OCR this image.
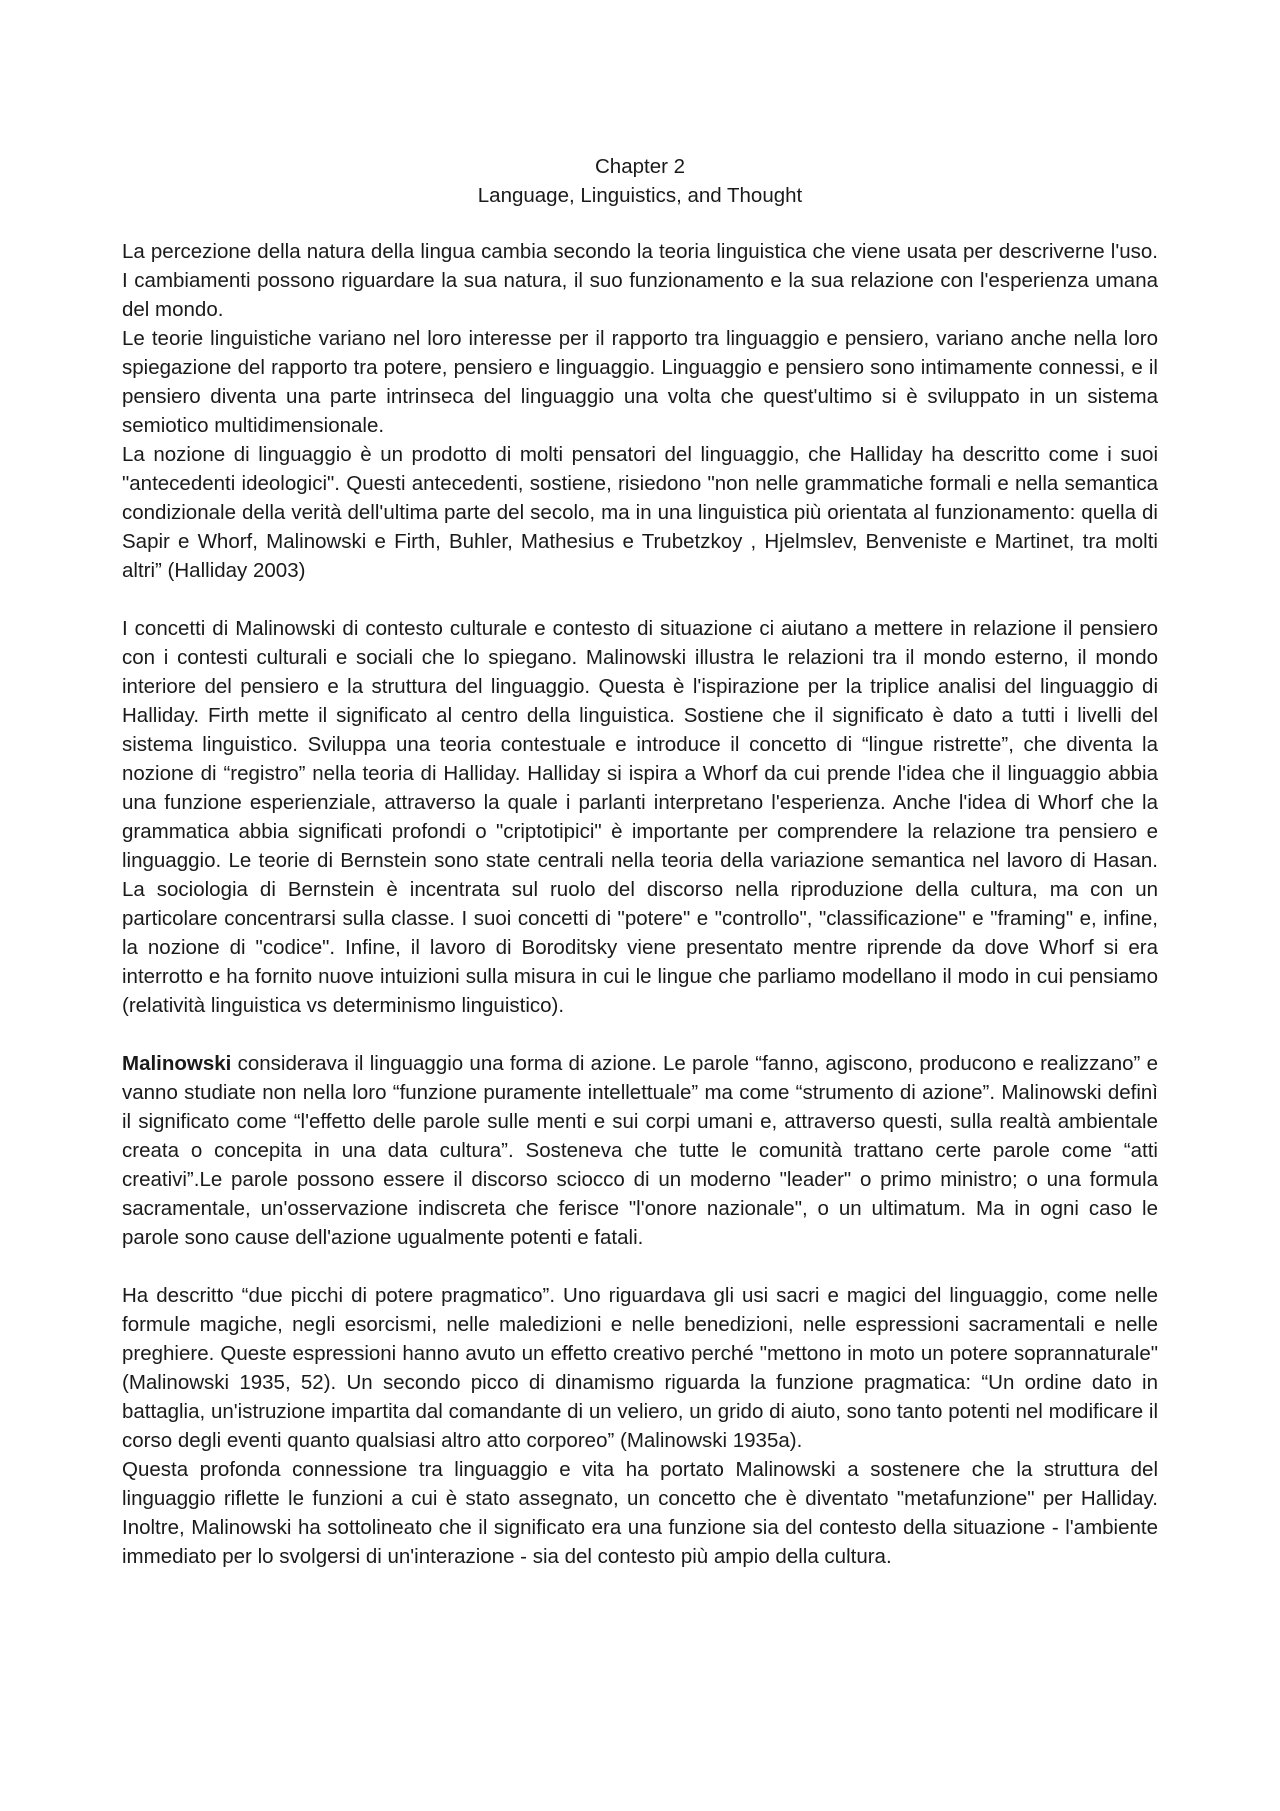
Chapter 2
Language, Linguistics, and Thought

La percezione della natura della lingua cambia secondo la teoria linguistica che viene usata per descriverne l'uso. I cambiamenti possono riguardare la sua natura, il suo funzionamento e la sua relazione con l'esperienza umana del mondo.

Le teorie linguistiche variano nel loro interesse per il rapporto tra linguaggio e pensiero, variano anche nella loro spiegazione del rapporto tra potere, pensiero e linguaggio. Linguaggio e pensiero sono intimamente connessi, e il pensiero diventa una parte intrinseca del linguaggio una volta che quest'ultimo si è sviluppato in un sistema semiotico multidimensionale.

La nozione di linguaggio è un prodotto di molti pensatori del linguaggio, che Halliday ha descritto come i suoi "antecedenti ideologici". Questi antecedenti, sostiene, risiedono "non nelle grammatiche formali e nella semantica condizionale della verità dell'ultima parte del secolo, ma in una linguistica più orientata al funzionamento: quella di Sapir e Whorf, Malinowski e Firth, Buhler, Mathesius e Trubetzkoy , Hjelmslev, Benveniste e Martinet, tra molti altri” (Halliday 2003)

I concetti di Malinowski di contesto culturale e contesto di situazione ci aiutano a mettere in relazione il pensiero con i contesti culturali e sociali che lo spiegano. Malinowski illustra le relazioni tra il mondo esterno, il mondo interiore del pensiero e la struttura del linguaggio. Questa è l'ispirazione per la triplice analisi del linguaggio di Halliday. Firth mette il significato al centro della linguistica. Sostiene che il significato è dato a tutti i livelli del sistema linguistico. Sviluppa una teoria contestuale e introduce il concetto di “lingue ristrette”, che diventa la nozione di “registro” nella teoria di Halliday. Halliday si ispira a Whorf da cui prende l'idea che il linguaggio abbia una funzione esperienziale, attraverso la quale i parlanti interpretano l'esperienza. Anche l'idea di Whorf che la grammatica abbia significati profondi o "criptotipici" è importante per comprendere la relazione tra pensiero e linguaggio. Le teorie di Bernstein sono state centrali nella teoria della variazione semantica nel lavoro di Hasan. La sociologia di Bernstein è incentrata sul ruolo del discorso nella riproduzione della cultura, ma con un particolare concentrarsi sulla classe. I suoi concetti di "potere" e "controllo", "classificazione" e "framing" e, infine, la nozione di "codice". Infine, il lavoro di Boroditsky viene presentato mentre riprende da dove Whorf si era interrotto e ha fornito nuove intuizioni sulla misura in cui le lingue che parliamo modellano il modo in cui pensiamo (relatività linguistica vs determinismo linguistico).

Malinowski considerava il linguaggio una forma di azione. Le parole “fanno, agiscono, producono e realizzano” e vanno studiate non nella loro “funzione puramente intellettuale” ma come “strumento di azione”. Malinowski definì il significato come “l'effetto delle parole sulle menti e sui corpi umani e, attraverso questi, sulla realtà ambientale creata o concepita in una data cultura”. Sosteneva che tutte le comunità trattano certe parole come “atti creativi”.Le parole possono essere il discorso sciocco di un moderno "leader" o primo ministro; o una formula sacramentale, un'osservazione indiscreta che ferisce "l'onore nazionale", o un ultimatum. Ma in ogni caso le parole sono cause dell'azione ugualmente potenti e fatali.

Ha descritto “due picchi di potere pragmatico”. Uno riguardava gli usi sacri e magici del linguaggio, come nelle formule magiche, negli esorcismi, nelle maledizioni e nelle benedizioni, nelle espressioni sacramentali e nelle preghiere. Queste espressioni hanno avuto un effetto creativo perché "mettono in moto un potere soprannaturale" (Malinowski 1935, 52). Un secondo picco di dinamismo riguarda la funzione pragmatica: “Un ordine dato in battaglia, un'istruzione impartita dal comandante di un veliero, un grido di aiuto, sono tanto potenti nel modificare il corso degli eventi quanto qualsiasi altro atto corporeo” (Malinowski 1935a).

Questa profonda connessione tra linguaggio e vita ha portato Malinowski a sostenere che la struttura del linguaggio riflette le funzioni a cui è stato assegnato, un concetto che è diventato "metafunzione" per Halliday. Inoltre, Malinowski ha sottolineato che il significato era una funzione sia del contesto della situazione - l'ambiente immediato per lo svolgersi di un'interazione - sia del contesto più ampio della cultura.
